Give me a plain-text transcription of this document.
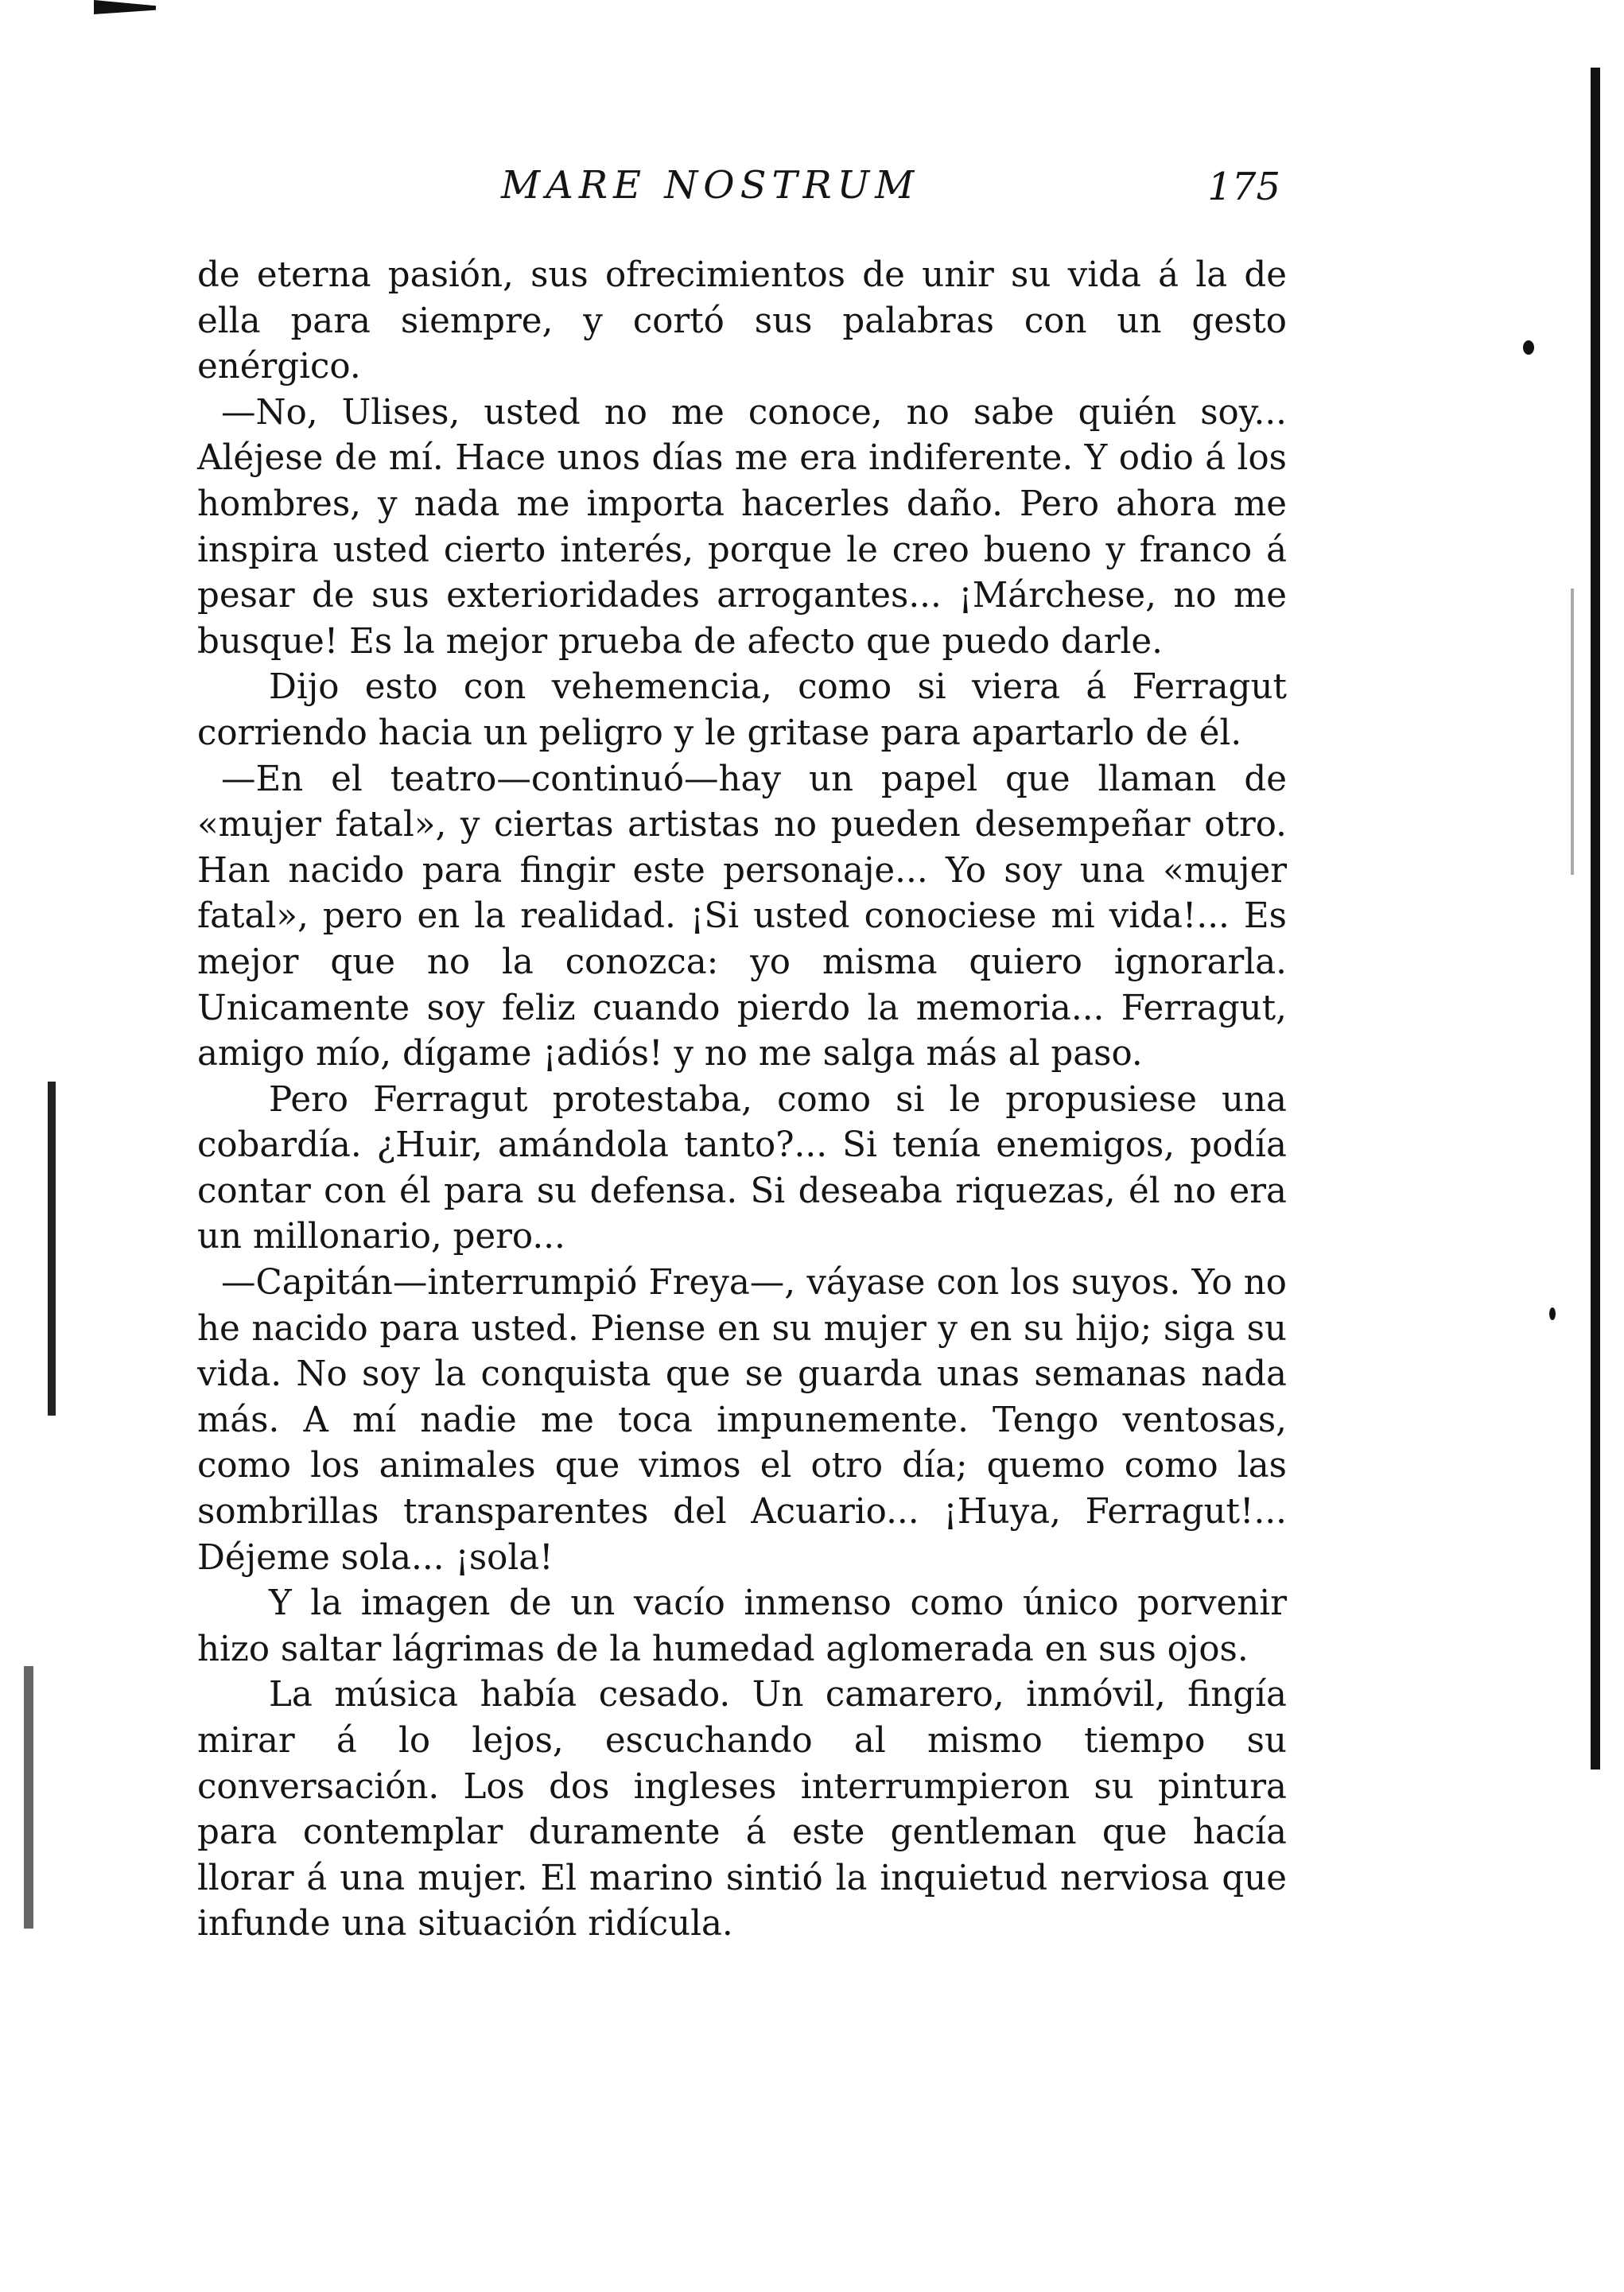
MARE NOSTRUM	175

de eterna pasión, sus ofrecimientos de unir su vida á la de ella para siempre, y cortó sus palabras con un gesto enérgico.

—No, Ulises, usted no me conoce, no sabe quién soy... Aléjese de mí. Hace unos días me era indiferente. Y odio á los hombres, y nada me importa hacerles daño. Pero ahora me inspira usted cierto interés, porque le creo bueno y franco á pesar de sus exterioridades arrogantes... ¡Márchese, no me busque! Es la mejor prueba de afecto que puedo darle.

Dijo esto con vehemencia, como si viera á Ferragut corriendo hacia un peligro y le gritase para apartarlo de él.

—En el teatro—continuó—hay un papel que llaman de «mujer fatal», y ciertas artistas no pueden desempeñar otro. Han nacido para fingir este personaje... Yo soy una «mujer fatal», pero en la realidad. ¡Si usted conociese mi vida!... Es mejor que no la conozca: yo misma quiero ignorarla. Unicamente soy feliz cuando pierdo la memoria... Ferragut, amigo mío, dígame ¡adiós! y no me salga más al paso.

Pero Ferragut protestaba, como si le propusiese una cobardía. ¿Huir, amándola tanto?... Si tenía enemigos, podía contar con él para su defensa. Si deseaba riquezas, él no era un millonario, pero...

—Capitán—interrumpió Freya—, váyase con los suyos. Yo no he nacido para usted. Piense en su mujer y en su hijo; siga su vida. No soy la conquista que se guarda unas semanas nada más. A mí nadie me toca impunemente. Tengo ventosas, como los animales que vimos el otro día; quemo como las sombrillas transparentes del Acuario... ¡Huya, Ferragut!... Déjeme sola... ¡sola!

Y la imagen de un vacío inmenso como único porvenir hizo saltar lágrimas de la humedad aglomerada en sus ojos.

La música había cesado. Un camarero, inmóvil, fingía mirar á lo lejos, escuchando al mismo tiempo su conversación. Los dos ingleses interrumpieron su pintura para contemplar duramente á este gentleman que hacía llorar á una mujer. El marino sintió la inquietud nerviosa que infunde una situación ridícula.
